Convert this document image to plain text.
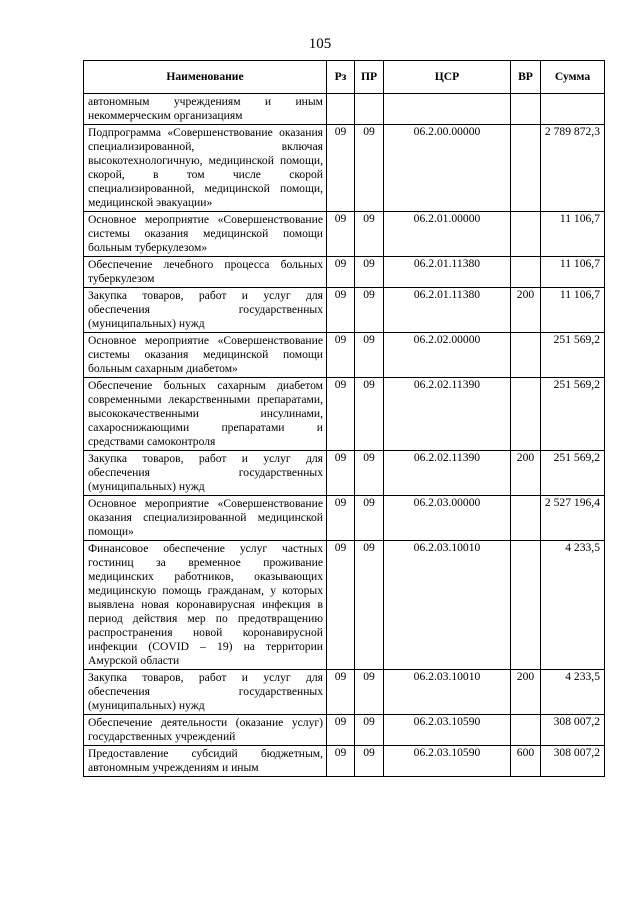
105
Наименование	Рз	ПР	ЦСР	ВР	Сумма
автономным учреждениям и иным некоммерческим организациям					
Подпрограмма «Совершенствование оказания специализированной, включая высокотехнологичную, медицинской помощи, скорой, в том числе скорой специализированной, медицинской помощи, медицинской эвакуации»	09	09	06.2.00.00000		2 789 872,3
Основное мероприятие «Совершенствование системы оказания медицинской помощи больным туберкулезом»	09	09	06.2.01.00000		11 106,7
Обеспечение лечебного процесса больных туберкулезом	09	09	06.2.01.11380		11 106,7
Закупка товаров, работ и услуг для обеспечения государственных (муниципальных) нужд	09	09	06.2.01.11380	200	11 106,7
Основное мероприятие «Совершенствование системы оказания медицинской помощи больным сахарным диабетом»	09	09	06.2.02.00000		251 569,2
Обеспечение больных сахарным диабетом современными лекарственными препаратами, высококачественными инсулинами, сахароснижающими препаратами и средствами самоконтроля	09	09	06.2.02.11390		251 569,2
Закупка товаров, работ и услуг для обеспечения государственных (муниципальных) нужд	09	09	06.2.02.11390	200	251 569,2
Основное мероприятие «Совершенствование оказания специализированной медицинской помощи»	09	09	06.2.03.00000		2 527 196,4
Финансовое обеспечение услуг частных гостиниц за временное проживание медицинских работников, оказывающих медицинскую помощь гражданам, у которых выявлена новая коронавирусная инфекция в период действия мер по предотвращению распространения новой коронавирусной инфекции (COVID – 19) на территории Амурской области	09	09	06.2.03.10010		4 233,5
Закупка товаров, работ и услуг для обеспечения государственных (муниципальных) нужд	09	09	06.2.03.10010	200	4 233,5
Обеспечение деятельности (оказание услуг) государственных учреждений	09	09	06.2.03.10590		308 007,2
Предоставление субсидий бюджетным, автономным учреждениям и иным	09	09	06.2.03.10590	600	308 007,2
